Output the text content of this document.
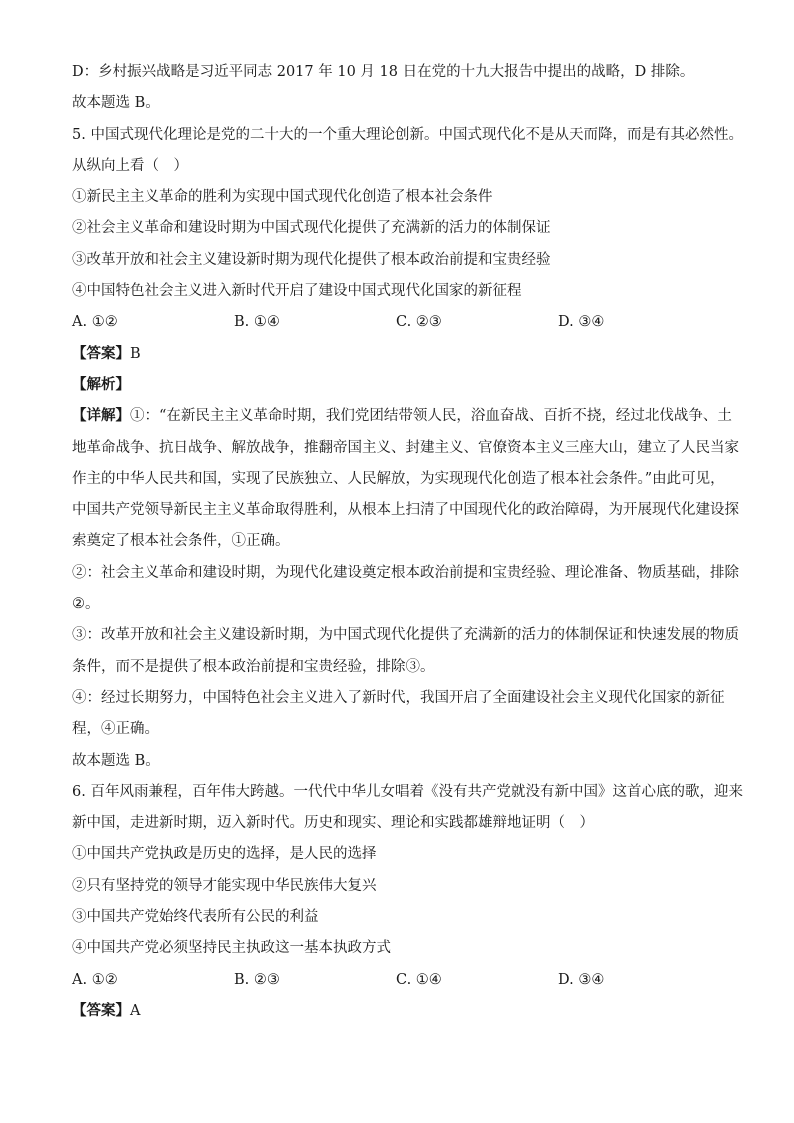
D：乡村振兴战略是习近平同志 2017 年 10 月 18 日在党的十九大报告中提出的战略，D 排除。

故本题选 B。

5. 中国式现代化理论是党的二十大的一个重大理论创新。中国式现代化不是从天而降，而是有其必然性。

从纵向上看（　）

①新民主主义革命的胜利为实现中国式现代化创造了根本社会条件

②社会主义革命和建设时期为中国式现代化提供了充满新的活力的体制保证

③改革开放和社会主义建设新时期为现代化提供了根本政治前提和宝贵经验

④中国特色社会主义进入新时代开启了建设中国式现代化国家的新征程

A. ①②	B. ①④	C. ②③	D. ③④

【答案】B

【解析】

【详解】①：“在新民主主义革命时期，我们党团结带领人民，浴血奋战、百折不挠，经过北伐战争、土

地革命战争、抗日战争、解放战争，推翻帝国主义、封建主义、官僚资本主义三座大山，建立了人民当家

作主的中华人民共和国，实现了民族独立、人民解放，为实现现代化创造了根本社会条件。”由此可见，

中国共产党领导新民主主义革命取得胜利，从根本上扫清了中国现代化的政治障碍，为开展现代化建设探

索奠定了根本社会条件，①正确。

②：社会主义革命和建设时期，为现代化建设奠定根本政治前提和宝贵经验、理论准备、物质基础，排除

②。

③：改革开放和社会主义建设新时期，为中国式现代化提供了充满新的活力的体制保证和快速发展的物质

条件，而不是提供了根本政治前提和宝贵经验，排除③。

④：经过长期努力，中国特色社会主义进入了新时代，我国开启了全面建设社会主义现代化国家的新征

程，④正确。

故本题选 B。

6. 百年风雨兼程，百年伟大跨越。一代代中华儿女唱着《没有共产党就没有新中国》这首心底的歌，迎来

新中国，走进新时期，迈入新时代。历史和现实、理论和实践都雄辩地证明（　）

①中国共产党执政是历史的选择，是人民的选择

②只有坚持党的领导才能实现中华民族伟大复兴

③中国共产党始终代表所有公民的利益

④中国共产党必须坚持民主执政这一基本执政方式

A. ①②	B. ②③	C. ①④	D. ③④

【答案】A
